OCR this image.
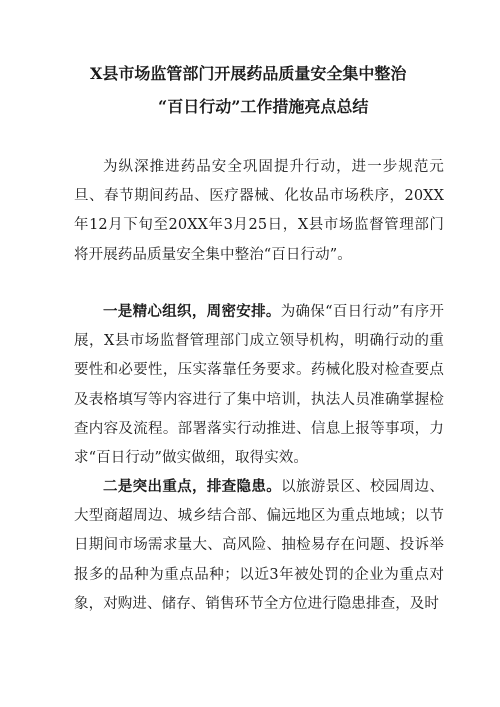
X县市场监管部门开展药品质量安全集中整治
“百日行动”工作措施亮点总结

为纵深推进药品安全巩固提升行动，进一步规范元旦、春节期间药品、医疗器械、化妆品市场秩序，20XX年12月下旬至20XX年3月25日，X县市场监督管理部门将开展药品质量安全集中整治“百日行动”。

一是精心组织，周密安排。为确保“百日行动”有序开展，X县市场监督管理部门成立领导机构，明确行动的重要性和必要性，压实落靠任务要求。药械化股对检查要点及表格填写等内容进行了集中培训，执法人员准确掌握检查内容及流程。部署落实行动推进、信息上报等事项，力求“百日行动”做实做细，取得实效。

二是突出重点，排查隐患。以旅游景区、校园周边、大型商超周边、城乡结合部、偏远地区为重点地域；以节日期间市场需求量大、高风险、抽检易存在问题、投诉举报多的品种为重点品种；以近3年被处罚的企业为重点对象，对购进、储存、销售环节全方位进行隐患排查，及时
